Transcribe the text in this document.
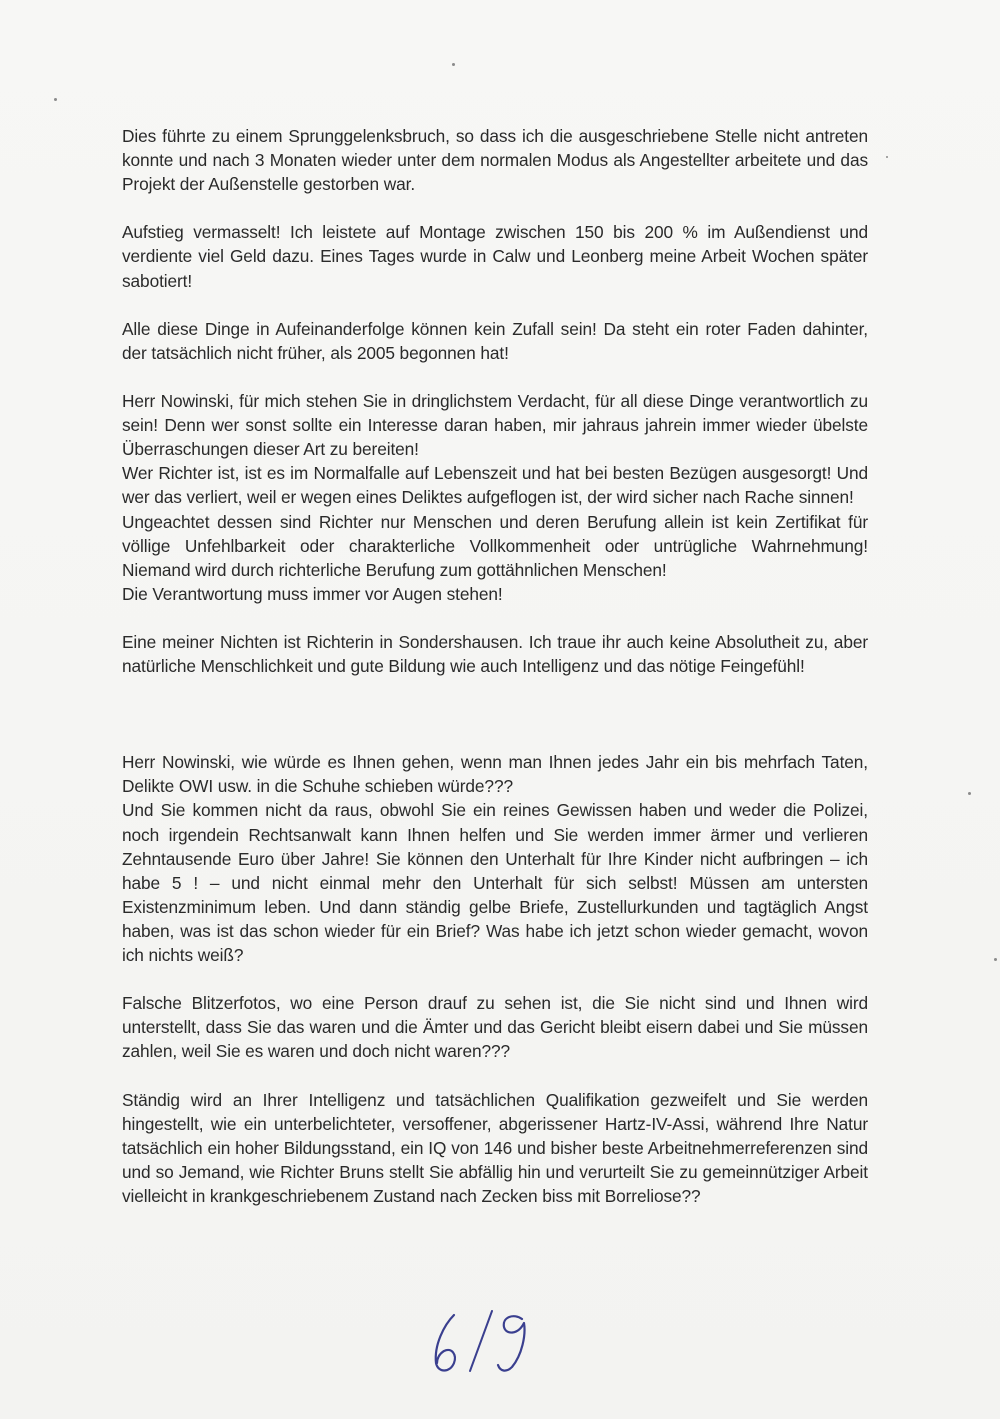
Dies führte zu einem Sprunggelenksbruch, so dass ich die ausgeschriebene Stelle nicht antreten konnte und nach 3 Monaten wieder unter dem normalen Modus als Angestellter arbeitete und das Projekt der Außenstelle gestorben war.

Aufstieg vermasselt! Ich leistete auf Montage zwischen 150 bis 200 % im Außendienst und verdiente viel Geld dazu. Eines Tages wurde in Calw und Leonberg meine Arbeit Wochen später sabotiert!

Alle diese Dinge in Aufeinanderfolge können kein Zufall sein! Da steht ein roter Faden dahinter, der tatsächlich nicht früher, als 2005 begonnen hat!

Herr Nowinski, für mich stehen Sie in dringlichstem Verdacht, für all diese Dinge verantwortlich zu sein! Denn wer sonst sollte ein Interesse daran haben, mir jahraus jahrein immer wieder übelste Überraschungen dieser Art zu bereiten!

Wer Richter ist, ist es im Normalfalle auf Lebenszeit und hat bei besten Bezügen ausgesorgt! Und wer das verliert, weil er wegen eines Deliktes aufgeflogen ist, der wird sicher nach Rache sinnen!

Ungeachtet dessen sind Richter nur Menschen und deren Berufung allein ist kein Zertifikat für völlige Unfehlbarkeit oder charakterliche Vollkommenheit oder untrügliche Wahrnehmung! Niemand wird durch richterliche Berufung zum gottähnlichen Menschen!

Die Verantwortung muss immer vor Augen stehen!

Eine meiner Nichten ist Richterin in Sondershausen. Ich traue ihr auch keine Absolutheit zu, aber natürliche Menschlichkeit und gute Bildung wie auch Intelligenz und das nötige Feingefühl!

Herr Nowinski, wie würde es Ihnen gehen, wenn man Ihnen jedes Jahr ein bis mehrfach Taten, Delikte OWI usw. in die Schuhe schieben würde???

Und Sie kommen nicht da raus, obwohl Sie ein reines Gewissen haben und weder die Polizei, noch irgendein Rechtsanwalt kann Ihnen helfen und Sie werden immer ärmer und verlieren Zehntausende Euro über Jahre! Sie können den Unterhalt für Ihre Kinder nicht aufbringen – ich habe 5 ! – und nicht einmal mehr den Unterhalt für sich selbst! Müssen am untersten Existenzminimum leben. Und dann ständig gelbe Briefe, Zustellurkunden und tagtäglich Angst haben, was ist das schon wieder für ein Brief? Was habe ich jetzt schon wieder gemacht, wovon ich nichts weiß?

Falsche Blitzerfotos, wo eine Person drauf zu sehen ist, die Sie nicht sind und Ihnen wird unterstellt, dass Sie das waren und die Ämter und das Gericht bleibt eisern dabei und Sie müssen zahlen, weil Sie es waren und doch nicht waren???

Ständig wird an Ihrer Intelligenz und tatsächlichen Qualifikation gezweifelt und Sie werden hingestellt, wie ein unterbelichteter, versoffener, abgerissener Hartz-IV-Assi, während Ihre Natur tatsächlich ein hoher Bildungsstand, ein IQ von 146 und bisher beste Arbeitnehmerreferenzen sind und so Jemand, wie Richter Bruns stellt Sie abfällig hin und verurteilt Sie zu gemeinnütziger Arbeit vielleicht in krankgeschriebenem Zustand nach Zecken biss mit Borreliose??
